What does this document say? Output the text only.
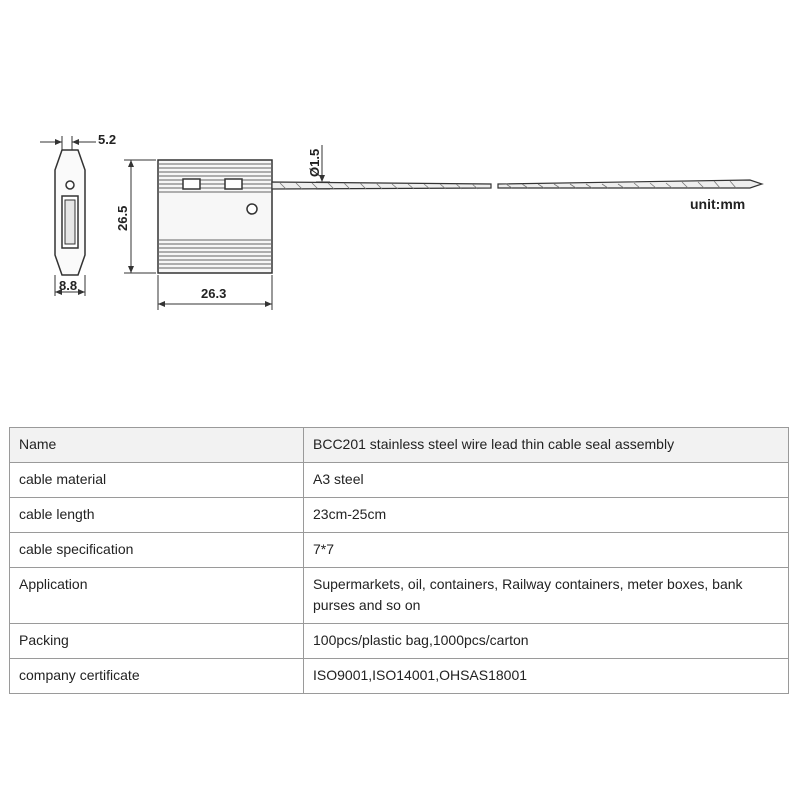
5.2
8.8
26.5
26.3
Ø1.5
unit:mm
Name	BCC201 stainless steel wire lead thin cable seal assembly
cable material	A3 steel
cable length	23cm-25cm
cable specification	7*7
Application	Supermarkets, oil, containers, Railway containers, meter boxes, bank purses and so on
Packing	100pcs/plastic bag,1000pcs/carton
company certificate	ISO9001,ISO14001,OHSAS18001
